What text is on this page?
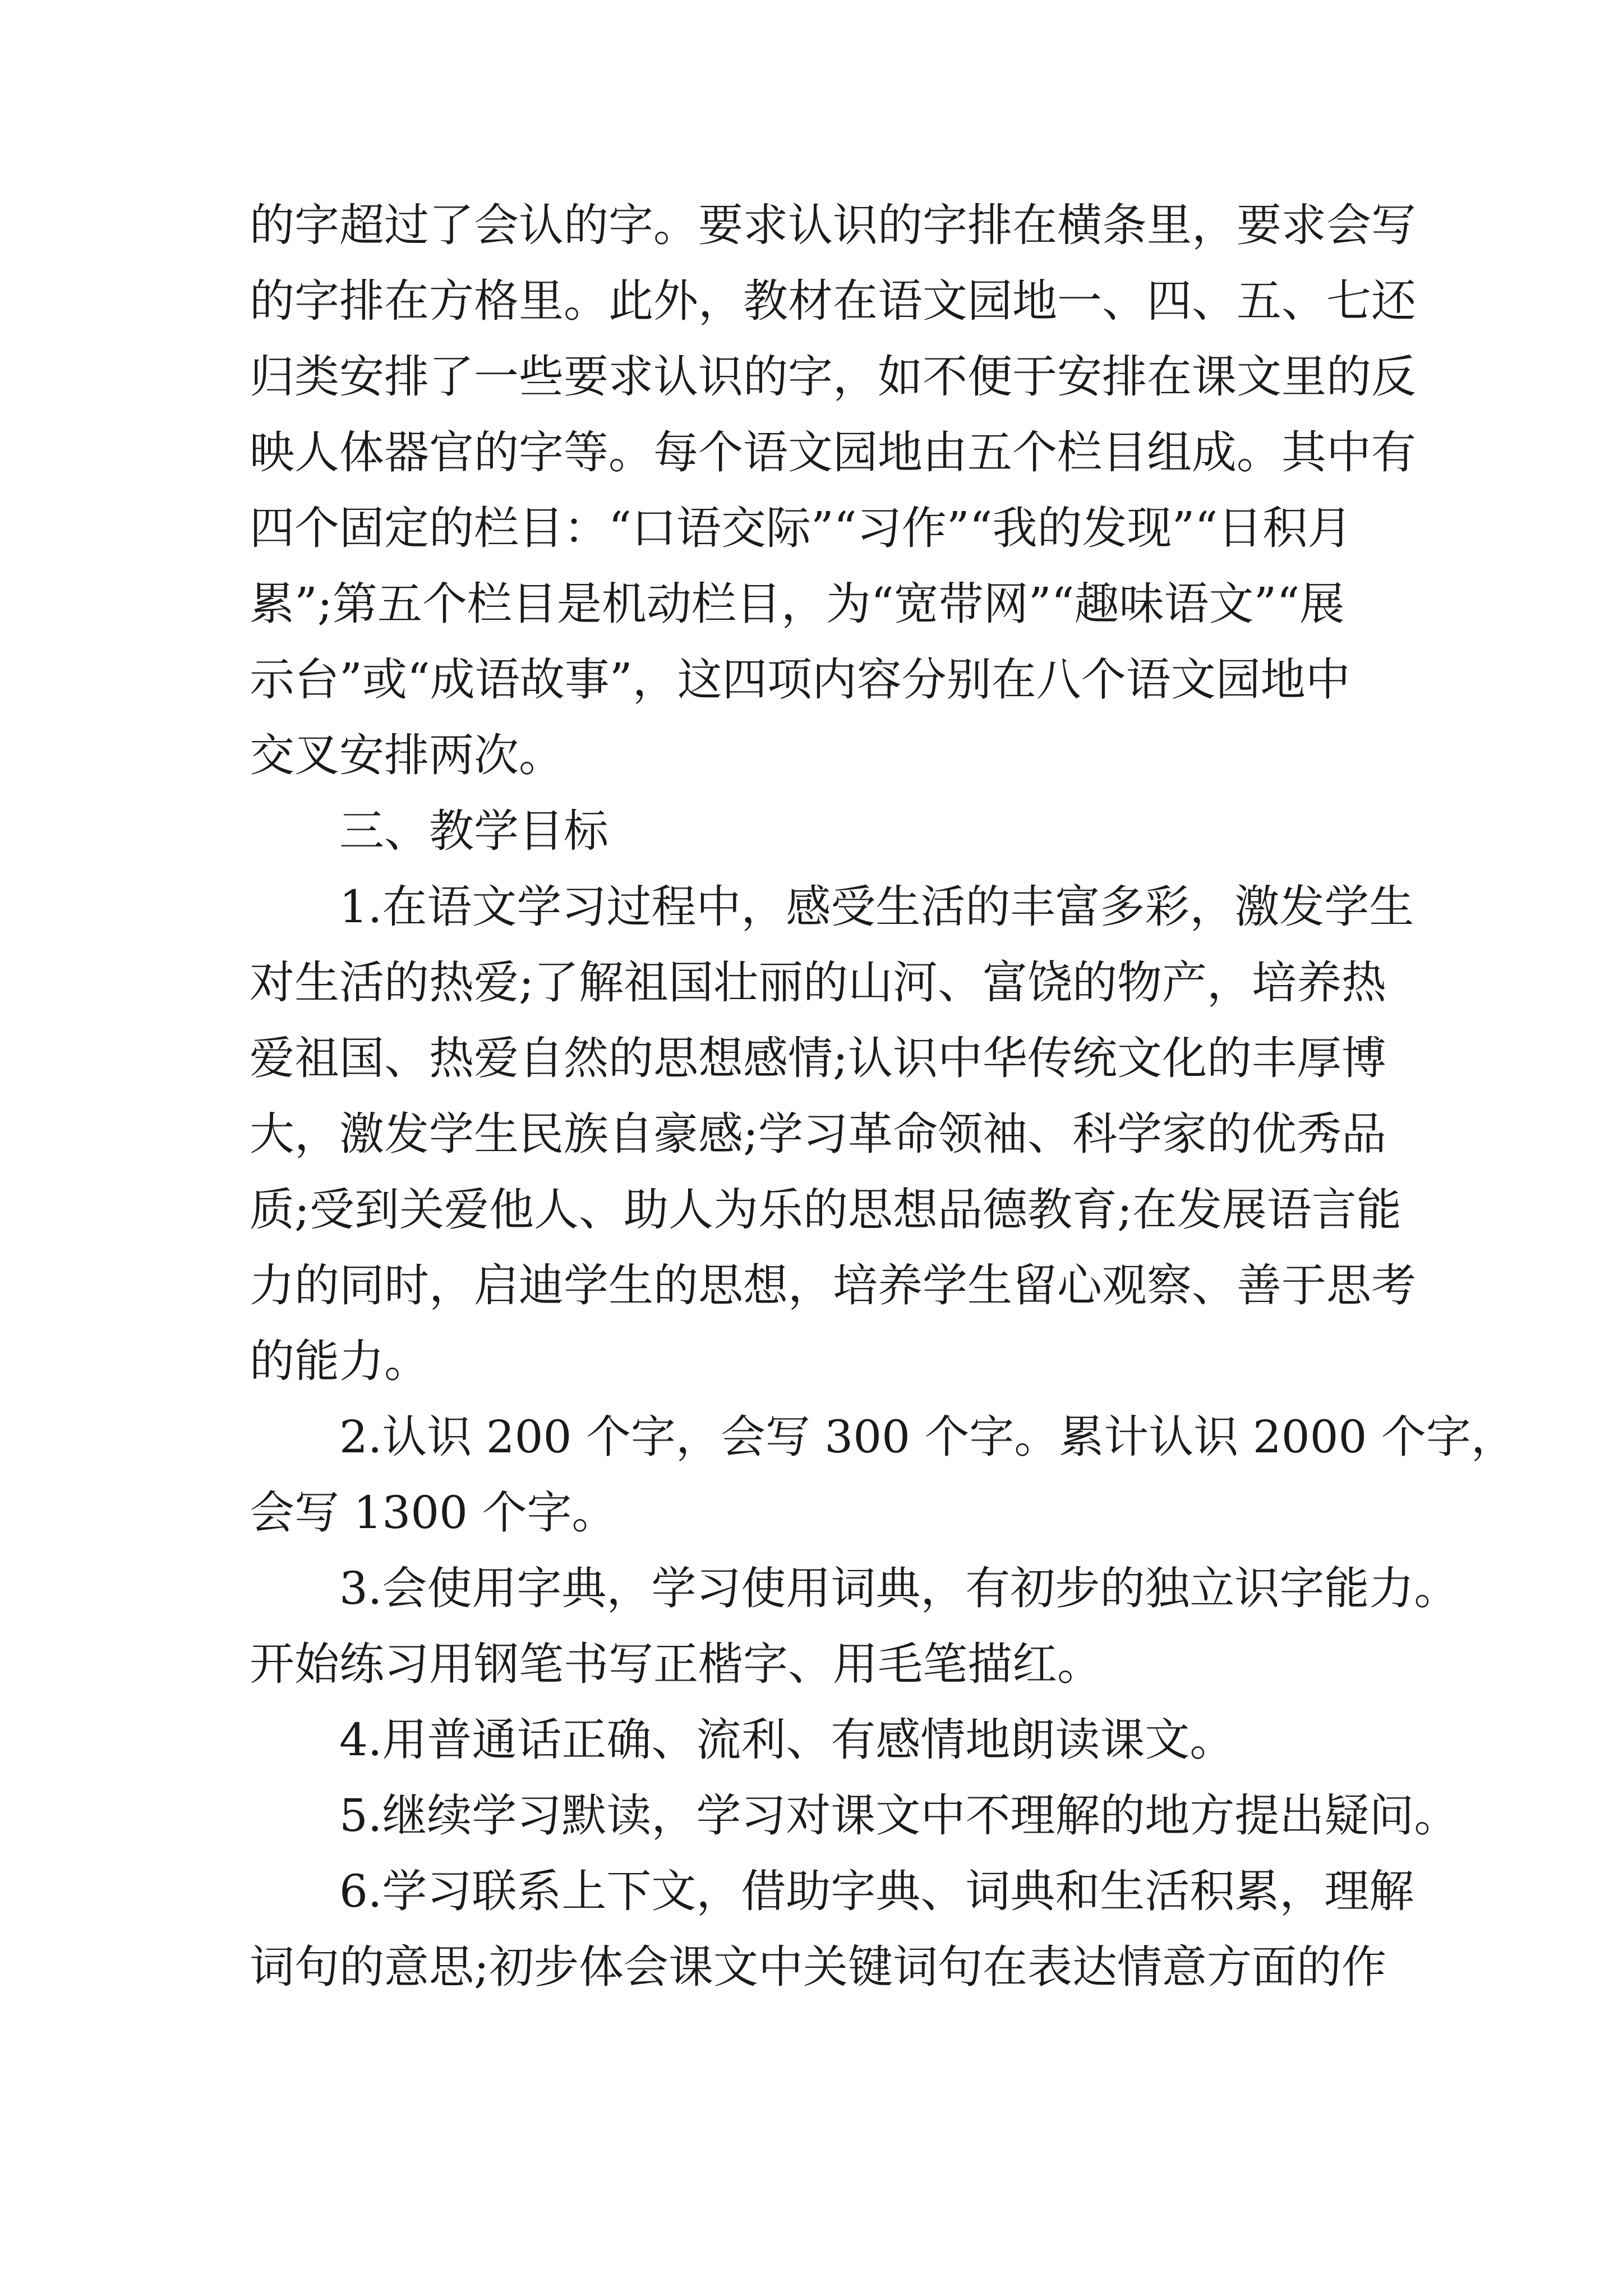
的字超过了会认的字。要求认识的字排在横条里，要求会写

的字排在方格里。此外，教材在语文园地一、四、五、七还

归类安排了一些要求认识的字，如不便于安排在课文里的反

映人体器官的字等。每个语文园地由五个栏目组成。其中有

四个固定的栏目：“口语交际”“习作”“我的发现”“日积月

累”;第五个栏目是机动栏目，为“宽带网”“趣味语文”“展

示台”或“成语故事”，这四项内容分别在八个语文园地中

交叉安排两次。

三、教学目标

1.在语文学习过程中，感受生活的丰富多彩，激发学生

对生活的热爱;了解祖国壮丽的山河、富饶的物产，培养热

爱祖国、热爱自然的思想感情;认识中华传统文化的丰厚博

大，激发学生民族自豪感;学习革命领袖、科学家的优秀品

质;受到关爱他人、助人为乐的思想品德教育;在发展语言能

力的同时，启迪学生的思想，培养学生留心观察、善于思考

的能力。

2.认识 200 个字，会写 300 个字。累计认识 2000 个字，

会写 1300 个字。

3.会使用字典，学习使用词典，有初步的独立识字能力。

开始练习用钢笔书写正楷字、用毛笔描红。

4.用普通话正确、流利、有感情地朗读课文。

5.继续学习默读，学习对课文中不理解的地方提出疑问。

6.学习联系上下文，借助字典、词典和生活积累，理解

词句的意思;初步体会课文中关键词句在表达情意方面的作
